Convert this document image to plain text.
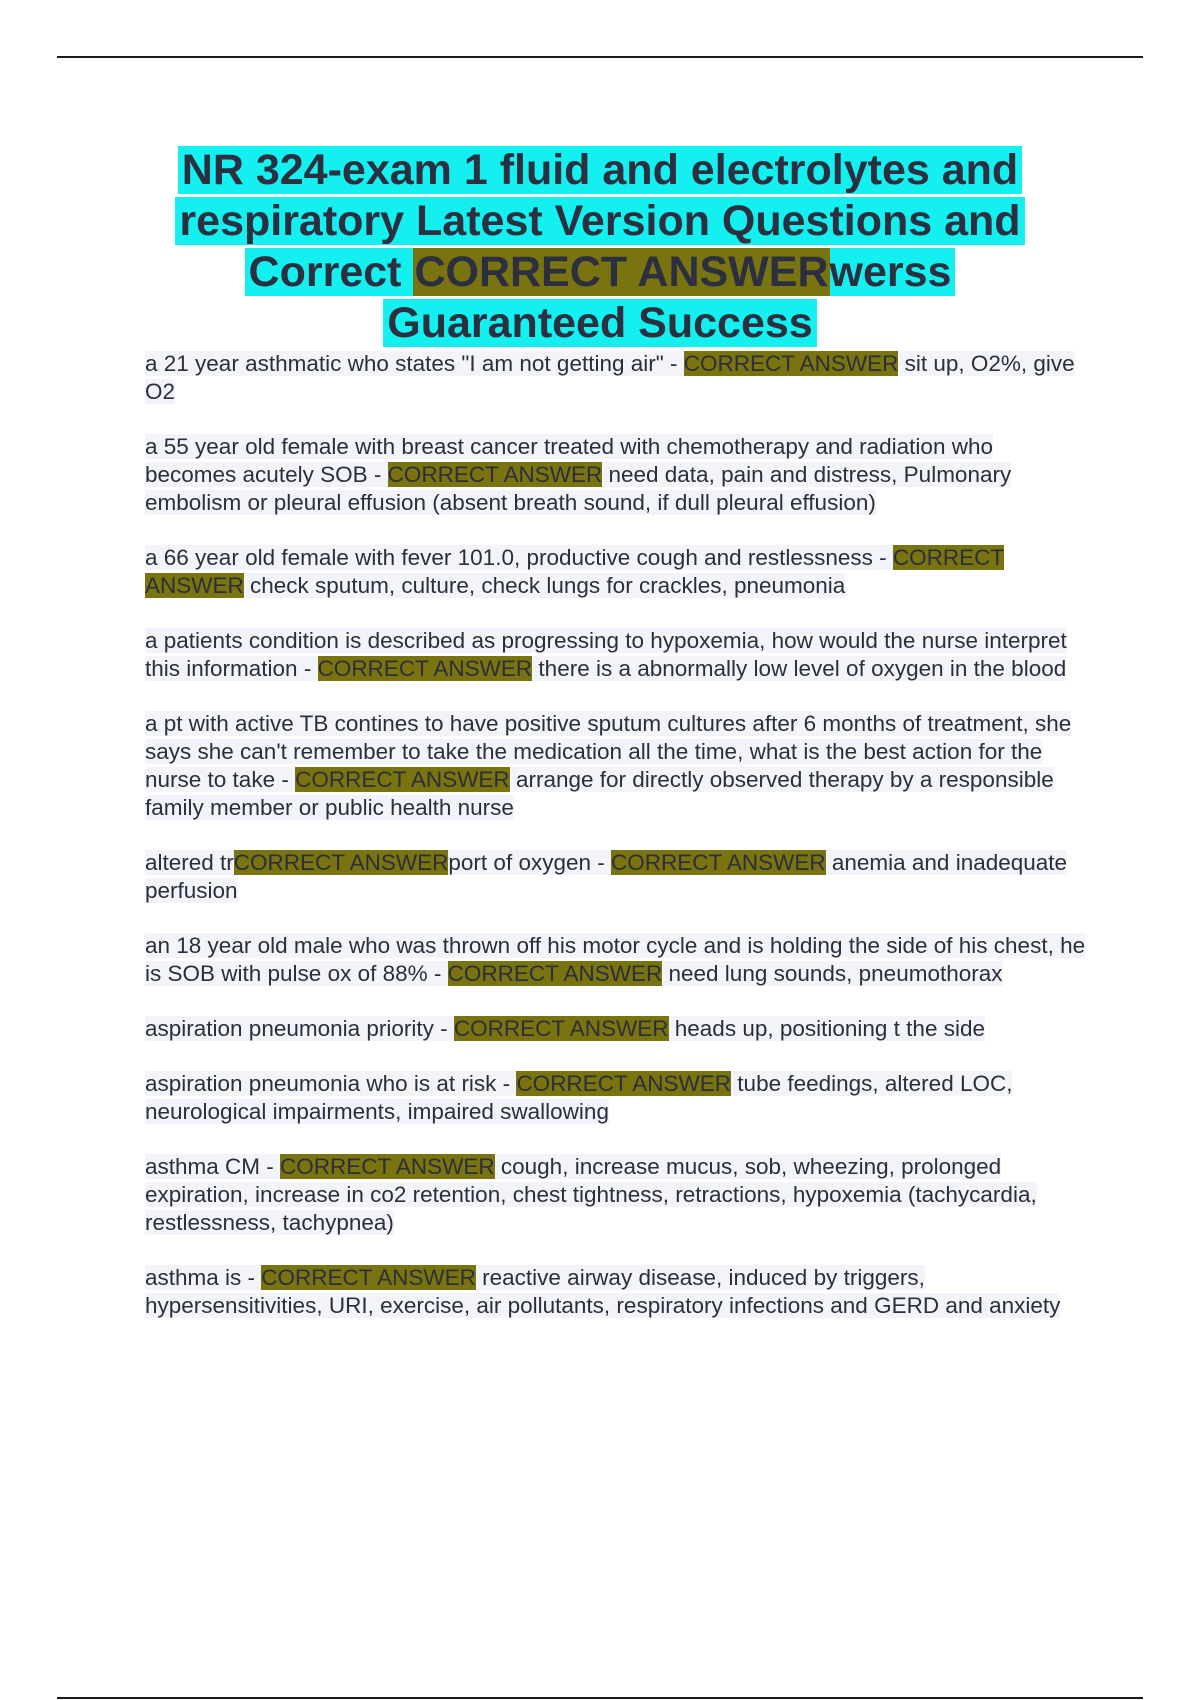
NR 324-exam 1 fluid and electrolytes and
respiratory Latest Version Questions and
Correct CORRECT ANSWERwerss
Guaranteed Success
a 21 year asthmatic who states "I am not getting air" - CORRECT ANSWER sit up, O2%, give O2
a 55 year old female with breast cancer treated with chemotherapy and radiation who becomes acutely SOB - CORRECT ANSWER need data, pain and distress, Pulmonary embolism or pleural effusion (absent breath sound, if dull pleural effusion)
a 66 year old female with fever 101.0, productive cough and restlessness - CORRECT ANSWER check sputum, culture, check lungs for crackles, pneumonia
a patients condition is described as progressing to hypoxemia, how would the nurse interpret this information - CORRECT ANSWER there is a abnormally low level of oxygen in the blood
a pt with active TB contines to have positive sputum cultures after 6 months of treatment, she says she can't remember to take the medication all the time, what is the best action for the nurse to take - CORRECT ANSWER arrange for directly observed therapy by a responsible family member or public health nurse
altered trCORRECT ANSWERport of oxygen - CORRECT ANSWER anemia and inadequate perfusion
an 18 year old male who was thrown off his motor cycle and is holding the side of his chest, he is SOB with pulse ox of 88% - CORRECT ANSWER need lung sounds, pneumothorax
aspiration pneumonia priority - CORRECT ANSWER heads up, positioning t the side
aspiration pneumonia who is at risk - CORRECT ANSWER tube feedings, altered LOC, neurological impairments, impaired swallowing
asthma CM - CORRECT ANSWER cough, increase mucus, sob, wheezing, prolonged expiration, increase in co2 retention, chest tightness, retractions, hypoxemia (tachycardia, restlessness, tachypnea)
asthma is - CORRECT ANSWER reactive airway disease, induced by triggers, hypersensitivities, URI, exercise, air pollutants, respiratory infections and GERD and anxiety
